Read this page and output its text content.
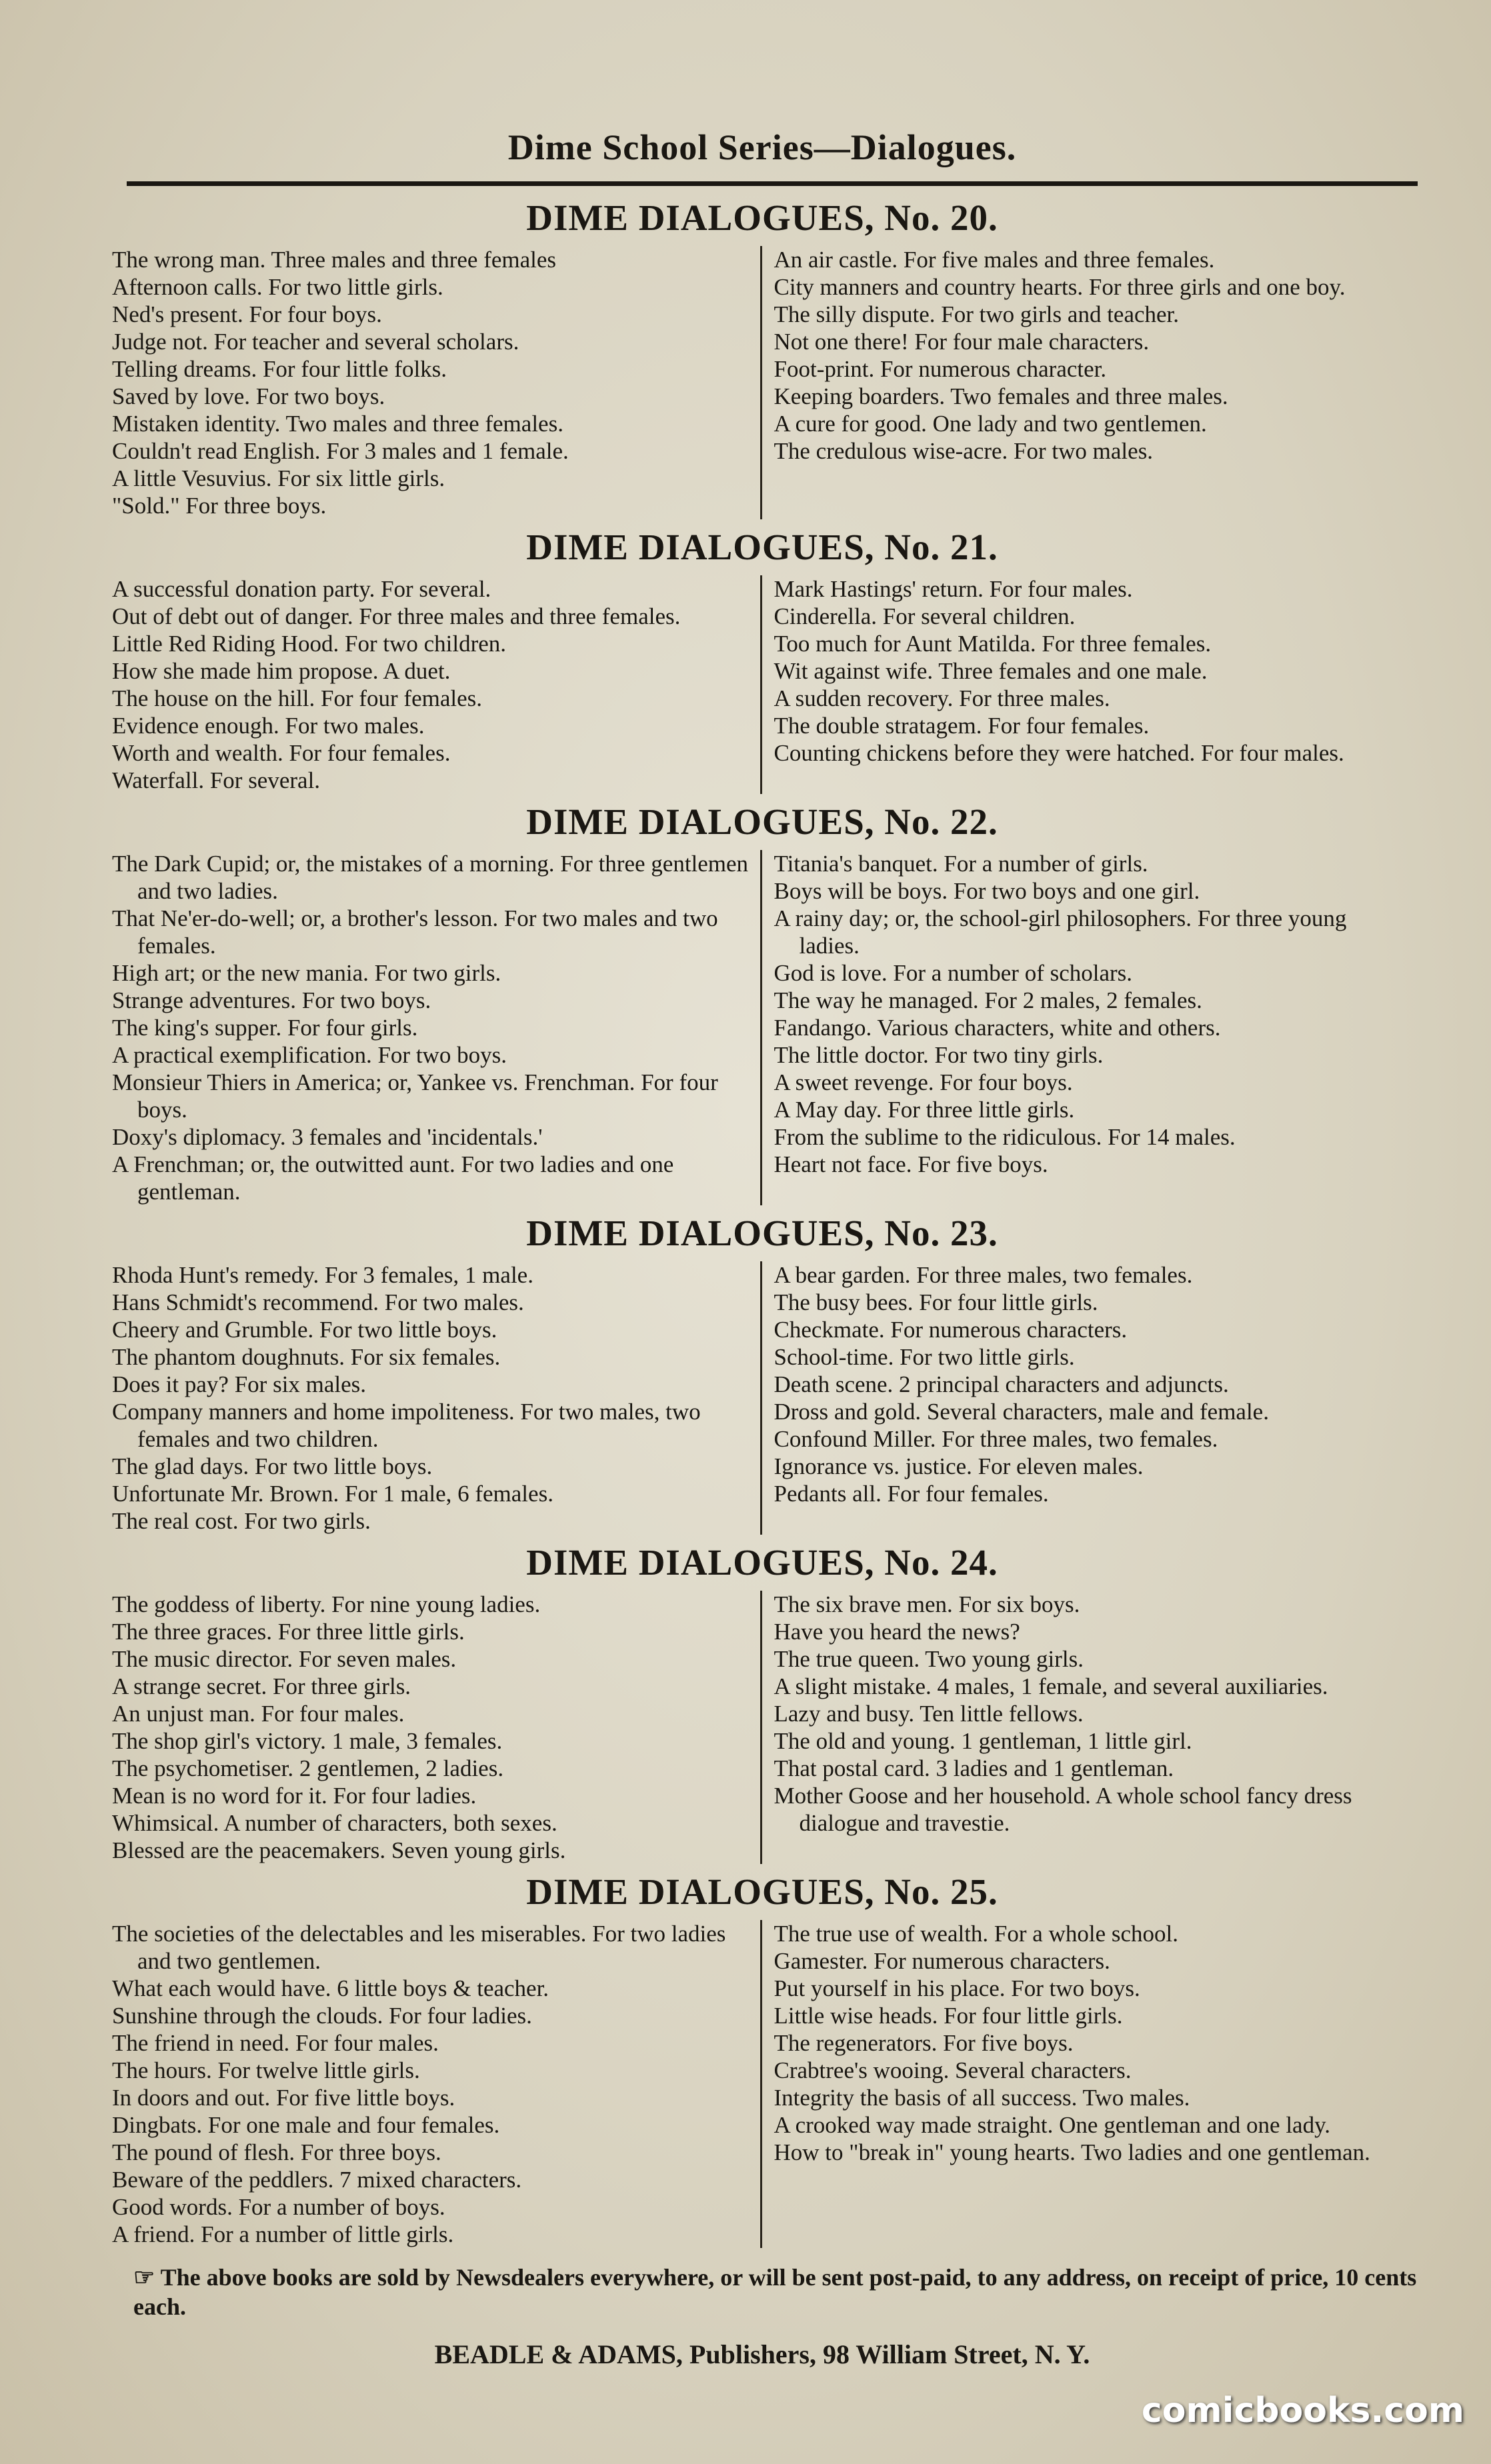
Dime School Series—Dialogues.
DIME DIALOGUES, No. 20.
The wrong man. Three males and three females
Afternoon calls. For two little girls.
Ned's present. For four boys.
Judge not. For teacher and several scholars.
Telling dreams. For four little folks.
Saved by love. For two boys.
Mistaken identity. Two males and three females.
Couldn't read English. For 3 males and 1 female.
A little Vesuvius. For six little girls.
"Sold." For three boys.
An air castle. For five males and three females.
City manners and country hearts. For three girls and one boy.
The silly dispute. For two girls and teacher.
Not one there! For four male characters.
Foot-print. For numerous character.
Keeping boarders. Two females and three males.
A cure for good. One lady and two gentlemen.
The credulous wise-acre. For two males.
DIME DIALOGUES, No. 21.
A successful donation party. For several.
Out of debt out of danger. For three males and three females.
Little Red Riding Hood. For two children.
How she made him propose. A duet.
The house on the hill. For four females.
Evidence enough. For two males.
Worth and wealth. For four females.
Waterfall. For several.
Mark Hastings' return. For four males.
Cinderella. For several children.
Too much for Aunt Matilda. For three females.
Wit against wife. Three females and one male.
A sudden recovery. For three males.
The double stratagem. For four females.
Counting chickens before they were hatched. For four males.
DIME DIALOGUES, No. 22.
The Dark Cupid; or, the mistakes of a morning. For three gentlemen and two ladies.
That Ne'er-do-well; or, a brother's lesson. For two males and two females.
High art; or the new mania. For two girls.
Strange adventures. For two boys.
The king's supper. For four girls.
A practical exemplification. For two boys.
Monsieur Thiers in America; or, Yankee vs. Frenchman. For four boys.
Doxy's diplomacy. 3 females and 'incidentals.'
A Frenchman; or, the outwitted aunt. For two ladies and one gentleman.
Titania's banquet. For a number of girls.
Boys will be boys. For two boys and one girl.
A rainy day; or, the school-girl philosophers. For three young ladies.
God is love. For a number of scholars.
The way he managed. For 2 males, 2 females.
Fandango. Various characters, white and others.
The little doctor. For two tiny girls.
A sweet revenge. For four boys.
A May day. For three little girls.
From the sublime to the ridiculous. For 14 males.
Heart not face. For five boys.
DIME DIALOGUES, No. 23.
Rhoda Hunt's remedy. For 3 females, 1 male.
Hans Schmidt's recommend. For two males.
Cheery and Grumble. For two little boys.
The phantom doughnuts. For six females.
Does it pay? For six males.
Company manners and home impoliteness. For two males, two females and two children.
The glad days. For two little boys.
Unfortunate Mr. Brown. For 1 male, 6 females.
The real cost. For two girls.
A bear garden. For three males, two females.
The busy bees. For four little girls.
Checkmate. For numerous characters.
School-time. For two little girls.
Death scene. 2 principal characters and adjuncts.
Dross and gold. Several characters, male and female.
Confound Miller. For three males, two females.
Ignorance vs. justice. For eleven males.
Pedants all. For four females.
DIME DIALOGUES, No. 24.
The goddess of liberty. For nine young ladies.
The three graces. For three little girls.
The music director. For seven males.
A strange secret. For three girls.
An unjust man. For four males.
The shop girl's victory. 1 male, 3 females.
The psychometiser. 2 gentlemen, 2 ladies.
Mean is no word for it. For four ladies.
Whimsical. A number of characters, both sexes.
Blessed are the peacemakers. Seven young girls.
The six brave men. For six boys.
Have you heard the news?
The true queen. Two young girls.
A slight mistake. 4 males, 1 female, and several auxiliaries.
Lazy and busy. Ten little fellows.
The old and young. 1 gentleman, 1 little girl.
That postal card. 3 ladies and 1 gentleman.
Mother Goose and her household. A whole school fancy dress dialogue and travestie.
DIME DIALOGUES, No. 25.
The societies of the delectables and les miserables. For two ladies and two gentlemen.
What each would have. 6 little boys & teacher.
Sunshine through the clouds. For four ladies.
The friend in need. For four males.
The hours. For twelve little girls.
In doors and out. For five little boys.
Dingbats. For one male and four females.
The pound of flesh. For three boys.
Beware of the peddlers. 7 mixed characters.
Good words. For a number of boys.
A friend. For a number of little girls.
The true use of wealth. For a whole school.
Gamester. For numerous characters.
Put yourself in his place. For two boys.
Little wise heads. For four little girls.
The regenerators. For five boys.
Crabtree's wooing. Several characters.
Integrity the basis of all success. Two males.
A crooked way made straight. One gentleman and one lady.
How to "break in" young hearts. Two ladies and one gentleman.
☞ The above books are sold by Newsdealers everywhere, or will be sent post-paid, to any address, on receipt of price, 10 cents each.
BEADLE & ADAMS, Publishers, 98 William Street, N. Y.
comicbooks.com
